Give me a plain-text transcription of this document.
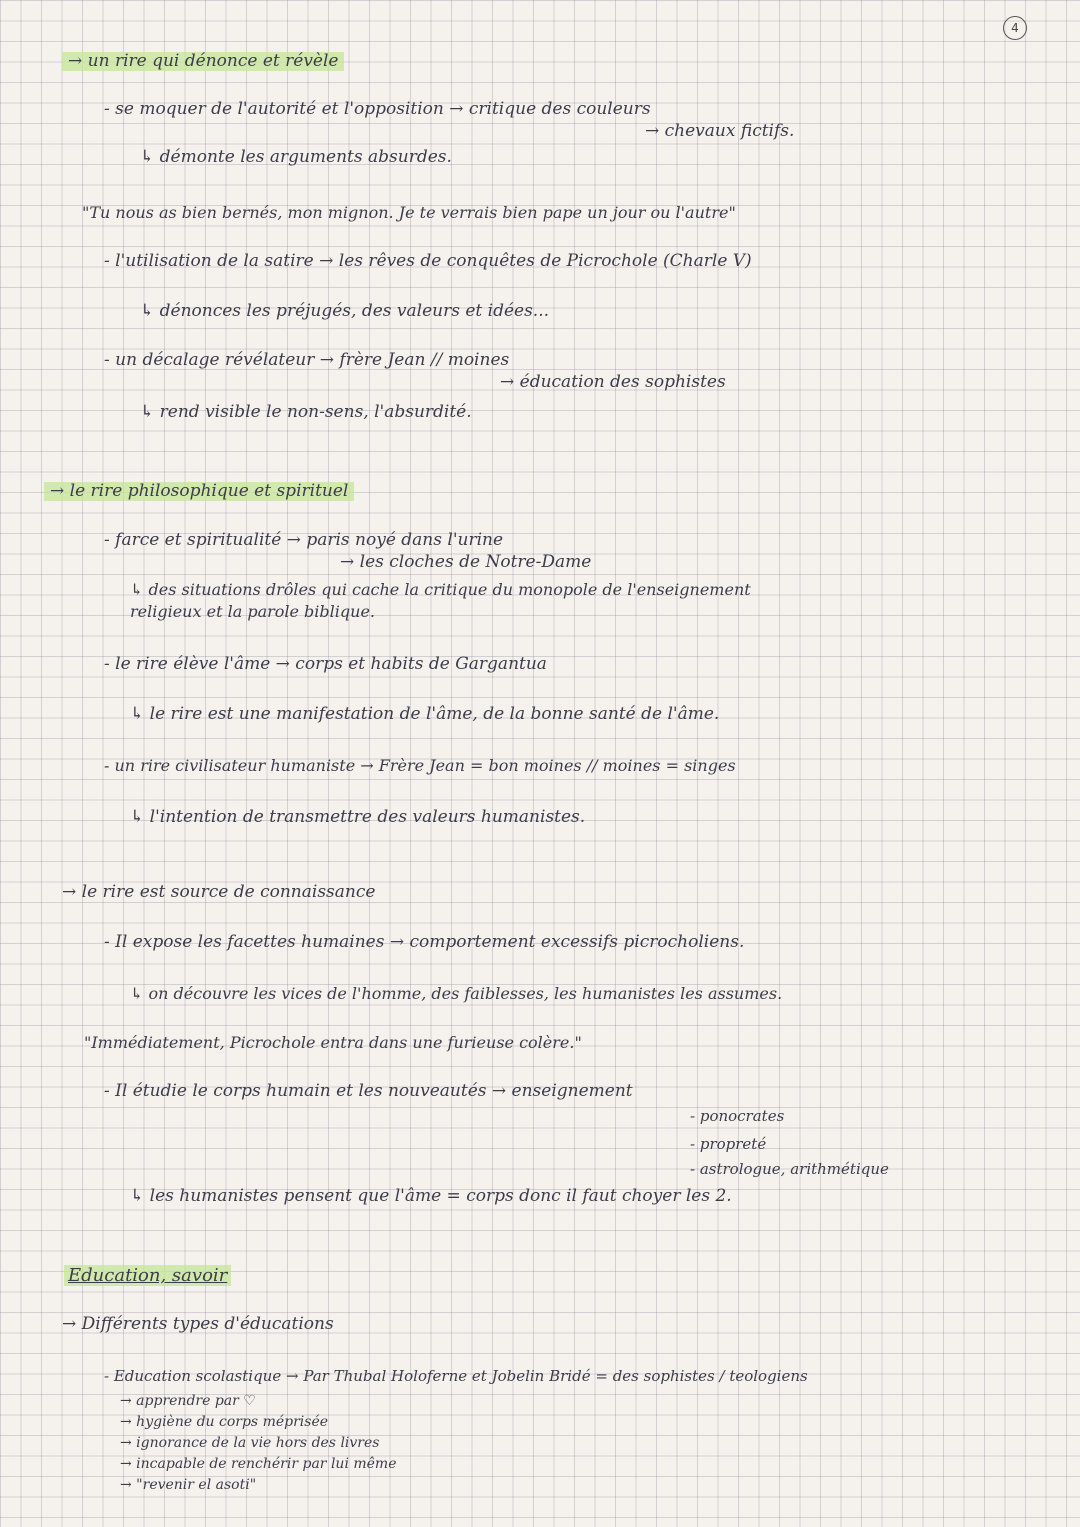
4
→ un rire qui dénonce et révèle
- se moquer de l'autorité et l'opposition → critique des couleurs
→ chevaux fictifs.
↳ démonte les arguments absurdes.
"Tu nous as bien bernés, mon mignon. Je te verrais bien pape un jour ou l'autre"
- l'utilisation de la satire → les rêves de conquêtes de Picrochole (Charle V)
↳ dénonces les préjugés, des valeurs et idées...
- un décalage révélateur → frère Jean // moines
→ éducation des sophistes
↳ rend visible le non-sens, l'absurdité.
→ le rire philosophique et spirituel
- farce et spiritualité → paris noyé dans l'urine
→ les cloches de Notre-Dame
↳ des situations drôles qui cache la critique du monopole de l'enseignement
religieux et la parole biblique.
- le rire élève l'âme → corps et habits de Gargantua
↳ le rire est une manifestation de l'âme, de la bonne santé de l'âme.
- un rire civilisateur humaniste → Frère Jean = bon moines // moines = singes
↳ l'intention de transmettre des valeurs humanistes.
→ le rire est source de connaissance
- Il expose les facettes humaines → comportement excessifs picrocholiens.
↳ on découvre les vices de l'homme, des faiblesses, les humanistes les assumes.
"Immédiatement, Picrochole entra dans une furieuse colère."
- Il étudie le corps humain et les nouveautés → enseignement
- ponocrates
- propreté
- astrologue, arithmétique
↳ les humanistes pensent que l'âme = corps donc il faut choyer les 2.
Education, savoir
→ Différents types d'éducations
- Education scolastique → Par Thubal Holoferne et Jobelin Bridé = des sophistes / teologiens
→ apprendre par ♡
→ hygiène du corps méprisée
→ ignorance de la vie hors des livres
→ incapable de renchérir par lui même
→ "revenir el asoti"
